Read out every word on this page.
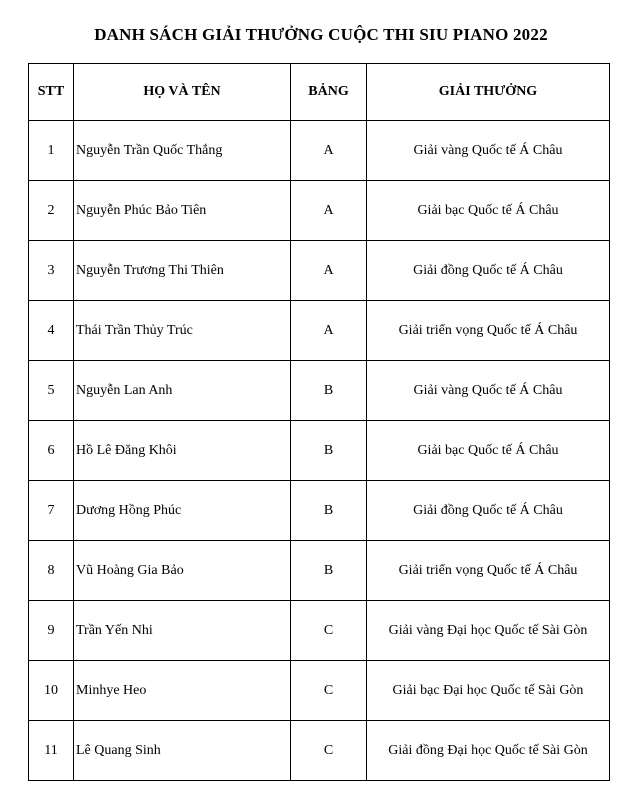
DANH SÁCH GIẢI THƯỞNG CUỘC THI SIU PIANO 2022
STT	HỌ VÀ TÊN	BẢNG	GIẢI THƯỞNG
1	Nguyễn Trần Quốc Thắng	A	Giải vàng Quốc tế Á Châu
2	Nguyễn Phúc Bảo Tiên	A	Giải bạc Quốc tế Á Châu
3	Nguyễn Trương Thi Thiên	A	Giải đồng Quốc tế Á Châu
4	Thái Trần Thủy Trúc	A	Giải triển vọng Quốc tế Á Châu
5	Nguyễn Lan Anh	B	Giải vàng Quốc tế Á Châu
6	Hồ Lê Đăng Khôi	B	Giải bạc Quốc tế Á Châu
7	Dương Hồng Phúc	B	Giải đồng Quốc tế Á Châu
8	Vũ Hoàng Gia Bảo	B	Giải triển vọng Quốc tế Á Châu
9	Trần Yến Nhi	C	Giải vàng Đại học Quốc tế Sài Gòn
10	Minhye Heo	C	Giải bạc Đại học Quốc tế Sài Gòn
11	Lê Quang Sinh	C	Giải đồng Đại học Quốc tế Sài Gòn
